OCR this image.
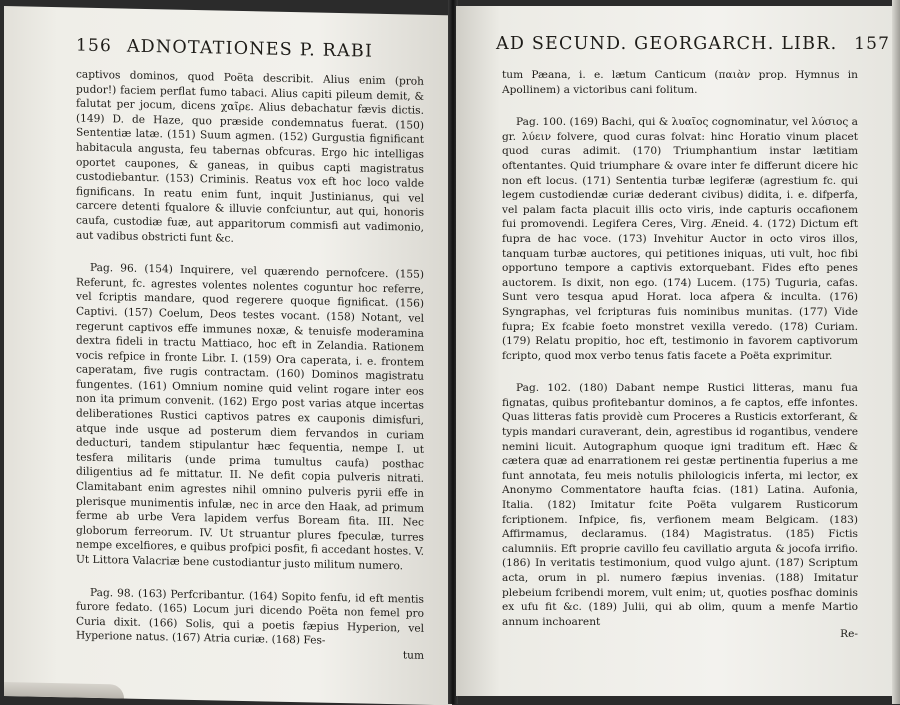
156 ADNOTATIONES P. RABI

captivos dominos, quod Poëta describit. Alius enim (proh pudor!) faciem perflat fumo tabaci. Alius capiti pileum demit, & falutat per jocum, dicens χαῖρε. Alius debachatur fævis dictis. (149) D. de Haze, quo præside condemnatus fuerat. (150) Sententiæ latæ. (151) Suum agmen. (152) Gurgustia fignificant habitacula angusta, feu tabernas obfcuras. Ergo hic intelligas oportet caupones, & ganeas, in quibus capti magistratus custodiebantur. (153) Criminis. Reatus vox eft hoc loco valde fignificans. In reatu enim funt, inquit Justinianus, qui vel carcere detenti fqualore & illuvie confciuntur, aut qui, honoris caufa, custodiæ fuæ, aut apparitorum commisfi aut vadimonio, aut vadibus obstricti funt &c.

Pag. 96. (154) Inquirere, vel quærendo pernofcere. (155) Referunt, fc. agrestes volentes nolentes coguntur hoc referre, vel fcriptis mandare, quod regerere quoque fignificat. (156) Captivi. (157) Coelum, Deos testes vocant. (158) Notant, vel regerunt captivos effe immunes noxæ, & tenuisfe moderamina dextra fideli in tractu Mattiaco, hoc eft in Zelandia. Rationem vocis refpice in fronte Libr. I. (159) Ora caperata, i. e. frontem caperatam, five rugis contractam. (160) Dominos magistratu fungentes. (161) Omnium nomine quid velint rogare inter eos non ita primum convenit. (162) Ergo post varias atque incertas deliberationes Rustici captivos patres ex cauponis dimisfuri, atque inde usque ad posterum diem fervandos in curiam deducturi, tandem stipulantur hæc fequentia, nempe I. ut tesfera militaris (unde prima tumultus caufa) posthac diligentius ad fe mittatur. II. Ne defit copia pulveris nitrati. Clamitabant enim agrestes nihil omnino pulveris pyrii effe in plerisque munimentis infulæ, nec in arce den Haak, ad primum ferme ab urbe Vera lapidem verfus Boream fita. III. Nec globorum ferreorum. IV. Ut struantur plures fpeculæ, turres nempe excelfiores, e quibus profpici posfit, fi accedant hostes. V. Ut Littora Valacriæ bene custodiantur justo militum numero.

Pag. 98. (163) Perfcribantur. (164) Sopito fenfu, id eft mentis furore fedato. (165) Locum juri dicendo Poëta non femel pro Curia dixit. (166) Solis, qui a poetis fæpius Hyperion, vel Hyperione natus. (167) Atria curiæ. (168) Fes-

tum
AD SECUND. GEORGARCH. LIBR. 157

tum Pæana, i. e. lætum Canticum (παιὰν prop. Hymnus in Apollinem) a victoribus cani folitum.

Pag. 100. (169) Bachi, qui & λυαῖος cognominatur, vel λύσιος a gr. λύειν folvere, quod curas folvat: hinc Horatio vinum placet quod curas adimit. (170) Triumphantium instar lætitiam oftentantes. Quid triumphare & ovare inter fe differunt dicere hic non eft locus. (171) Sententia turbæ legiferæ (agrestium fc. qui legem custodiendæ curiæ dederant civibus) didita, i. e. difperfa, vel palam facta placuit illis octo viris, inde capturis occafionem fui promovendi. Legifera Ceres, Virg. Æneid. 4. (172) Dictum eft fupra de hac voce. (173) Invehitur Auctor in octo viros illos, tanquam turbæ auctores, qui petitiones iniquas, uti vult, hoc fibi opportuno tempore a captivis extorquebant. Fides efto penes auctorem. Is dixit, non ego. (174) Lucem. (175) Tuguria, cafas. Sunt vero tesqua apud Horat. loca afpera & inculta. (176) Syngraphas, vel fcripturas fuis nominibus munitas. (177) Vide fupra; Ex fcabie foeto monstret vexilla veredo. (178) Curiam. (179) Relatu propitio, hoc eft, testimonio in favorem captivorum fcripto, quod mox verbo tenus fatis facete a Poëta exprimitur.

Pag. 102. (180) Dabant nempe Rustici litteras, manu fua fignatas, quibus profitebantur dominos, a fe captos, effe infontes. Quas litteras fatis providè cum Proceres a Rusticis extorferant, & typis mandari curaverant, dein, agrestibus id rogantibus, vendere nemini licuit. Autographum quoque igni traditum eft. Hæc & cætera quæ ad enarrationem rei gestæ pertinentia fuperius a me funt annotata, feu meis notulis philologicis inferta, mi lector, ex Anonymo Commentatore haufta fcias. (181) Latina. Aufonia, Italia. (182) Imitatur fcite Poëta vulgarem Rusticorum fcriptionem. Infpice, fis, verfionem meam Belgicam. (183) Affirmamus, declaramus. (184) Magistratus. (185) Fictis calumniis. Eft proprie cavillo feu cavillatio arguta & jocofa irrifio. (186) In veritatis testimonium, quod vulgo ajunt. (187) Scriptum acta, orum in pl. numero fæpius invenias. (188) Imitatur plebeium fcribendi morem, vult enim; ut, quoties posfhac dominis ex ufu fit &c. (189) Julii, qui ab olim, quum a menfe Martio annum inchoarent

Re-
